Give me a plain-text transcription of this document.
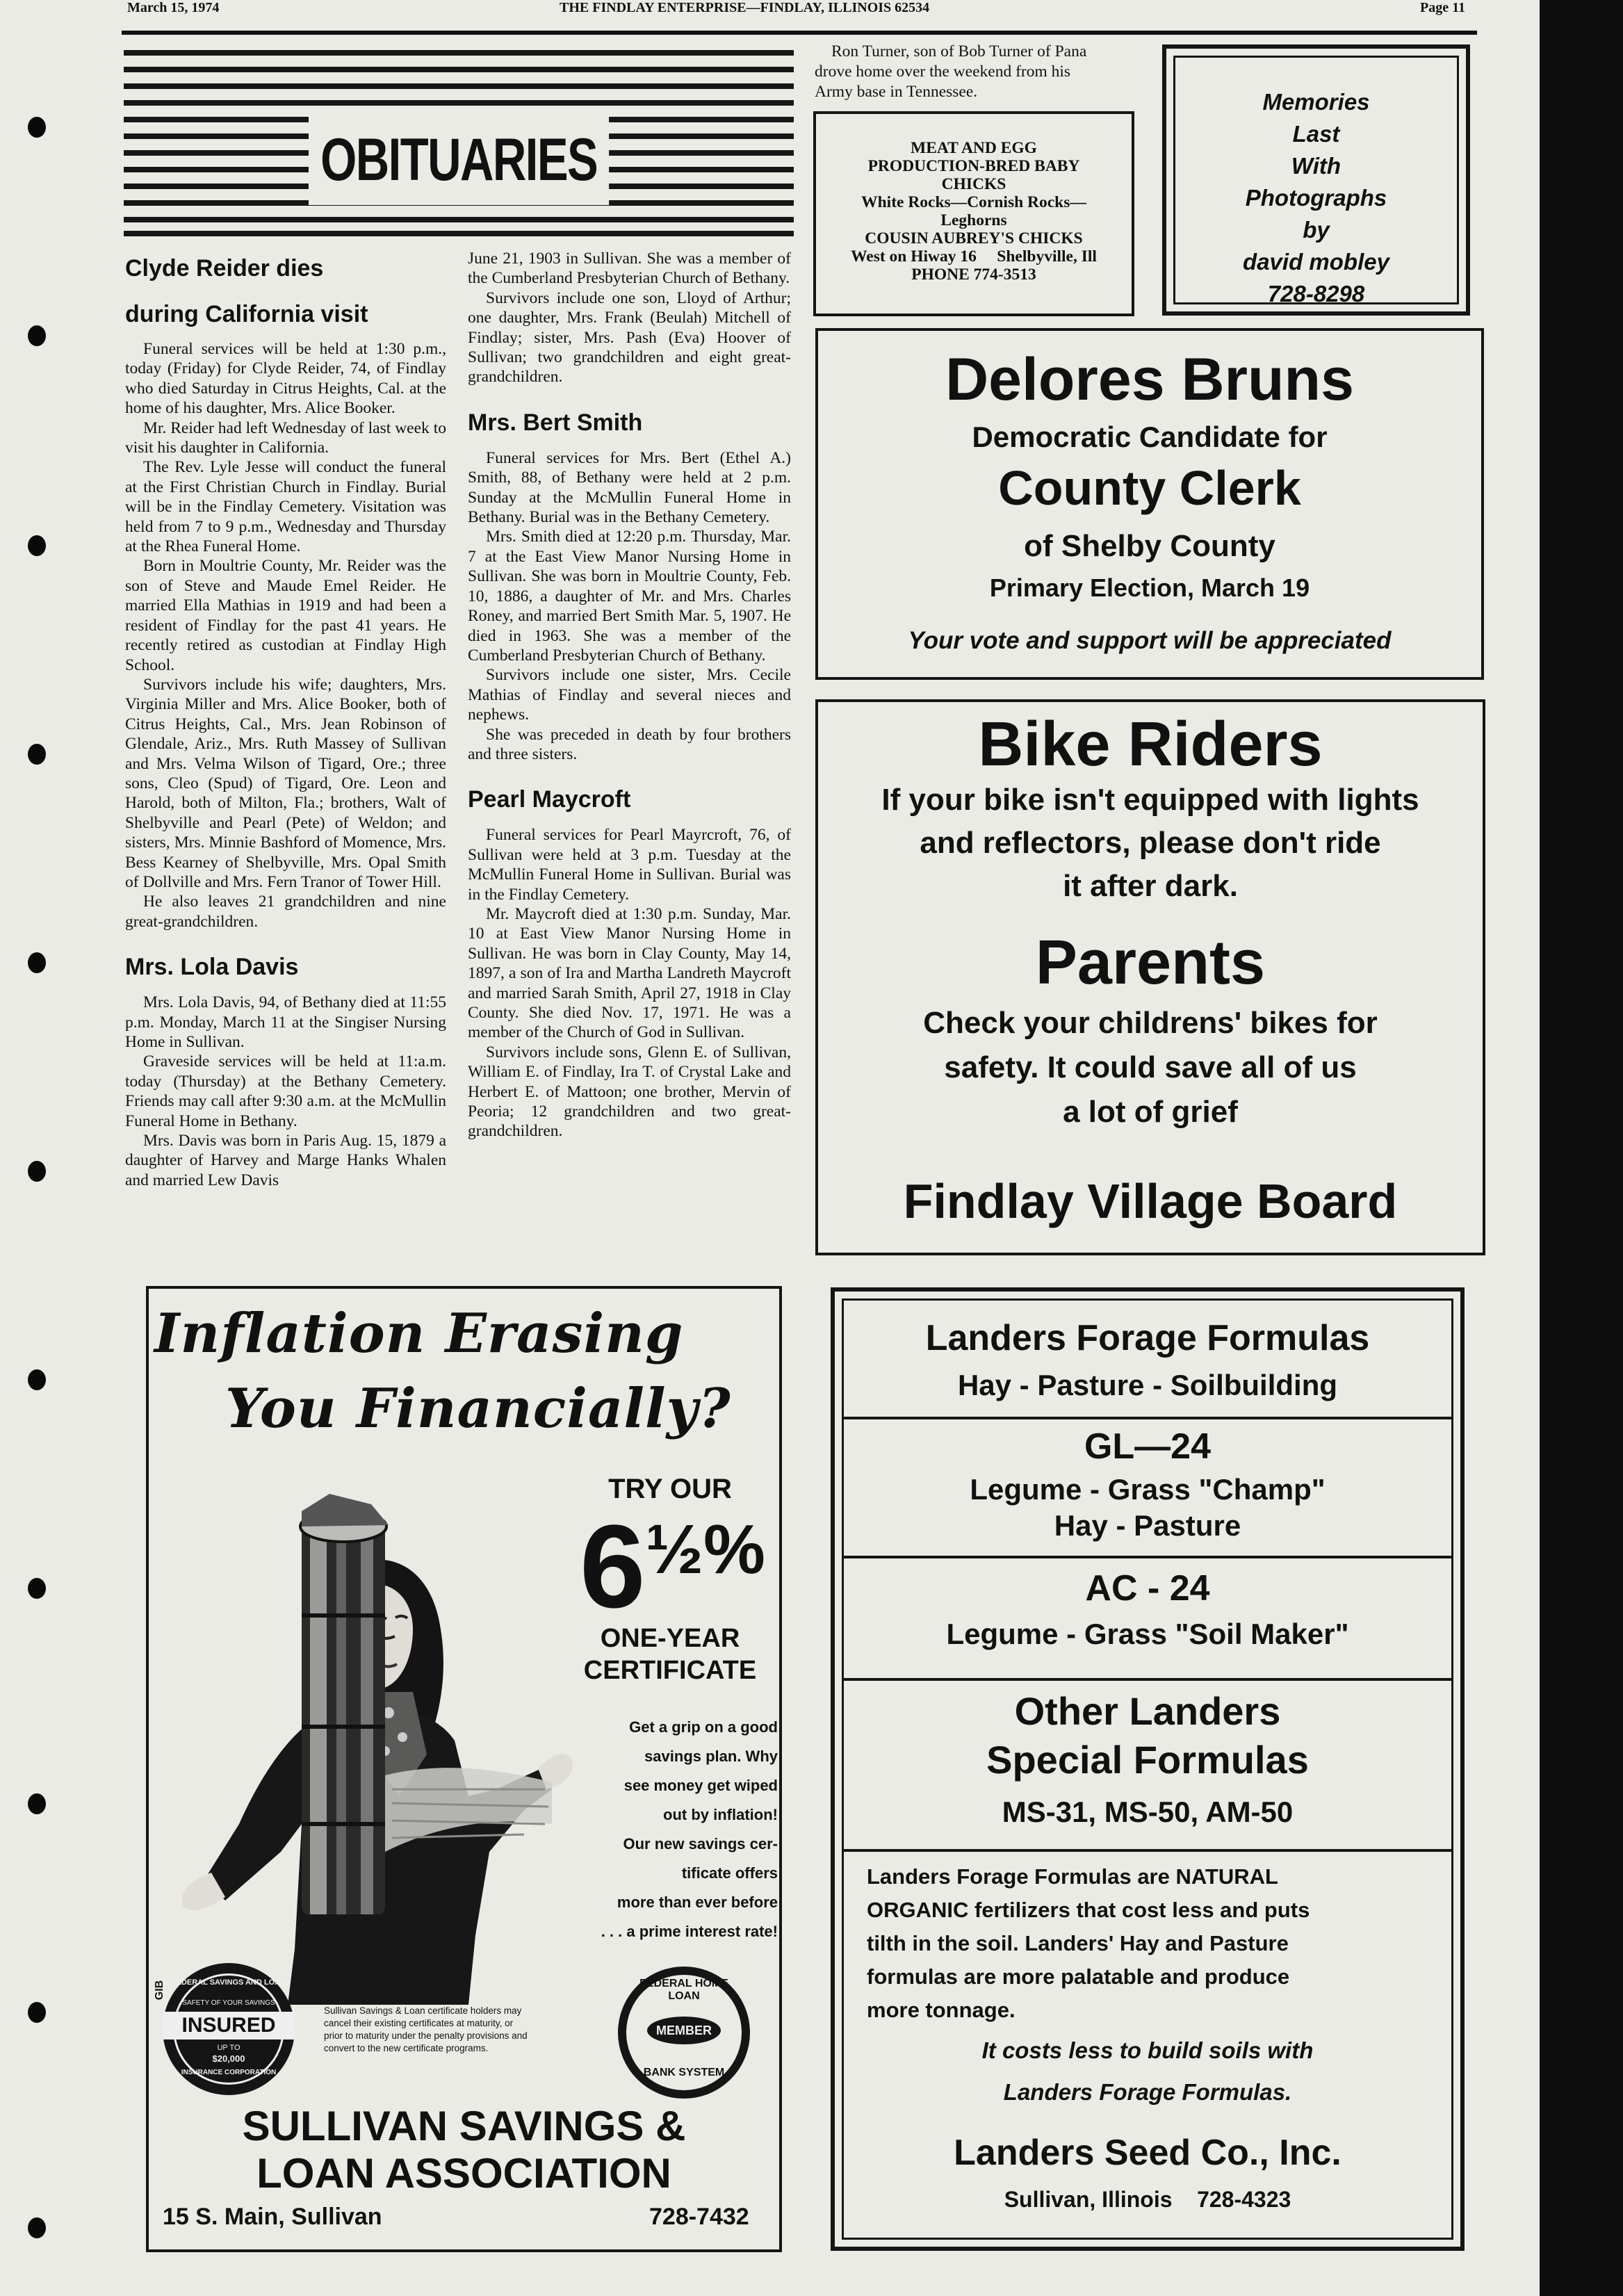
March 15, 1974	THE FINDLAY ENTERPRISE—FINDLAY, ILLINOIS 62534	Page 11
OBITUARIES
Clyde Reider dies
during California visit

Funeral services will be held at 1:30 p.m., today (Friday) for Clyde Reider, 74, of Findlay who died Saturday in Citrus Heights, Cal. at the home of his daughter, Mrs. Alice Booker.

Mr. Reider had left Wednesday of last week to visit his daughter in California.

The Rev. Lyle Jesse will conduct the funeral at the First Christian Church in Findlay. Burial will be in the Findlay Cemetery. Visitation was held from 7 to 9 p.m., Wednesday and Thursday at the Rhea Funeral Home.

Born in Moultrie County, Mr. Reider was the son of Steve and Maude Emel Reider. He married Ella Mathias in 1919 and had been a resident of Findlay for the past 41 years. He recently retired as custodian at Findlay High School.

Survivors include his wife; daughters, Mrs. Virginia Miller and Mrs. Alice Booker, both of Citrus Heights, Cal., Mrs. Jean Robinson of Glendale, Ariz., Mrs. Ruth Massey of Sullivan and Mrs. Velma Wilson of Tigard, Ore.; three sons, Cleo (Spud) of Tigard, Ore. Leon and Harold, both of Milton, Fla.; brothers, Walt of Shelbyville and Pearl (Pete) of Weldon; and sisters, Mrs. Minnie Bashford of Momence, Mrs. Bess Kearney of Shelbyville, Mrs. Opal Smith of Dollville and Mrs. Fern Tranor of Tower Hill.

He also leaves 21 grandchildren and nine great-grandchildren.

Mrs. Lola Davis

Mrs. Lola Davis, 94, of Bethany died at 11:55 p.m. Monday, March 11 at the Singiser Nursing Home in Sullivan.

Graveside services will be held at 11:a.m. today (Thursday) at the Bethany Cemetery. Friends may call after 9:30 a.m. at the McMullin Funeral Home in Bethany.

Mrs. Davis was born in Paris Aug. 15, 1879 a daughter of Harvey and Marge Hanks Whalen and married Lew Davis

June 21, 1903 in Sullivan. She was a member of the Cumberland Presbyterian Church of Bethany.

Survivors include one son, Lloyd of Arthur; one daughter, Mrs. Frank (Beulah) Mitchell of Findlay; sister, Mrs. Pash (Eva) Hoover of Sullivan; two grandchildren and eight great-grandchildren.

Mrs. Bert Smith

Funeral services for Mrs. Bert (Ethel A.) Smith, 88, of Bethany were held at 2 p.m. Sunday at the McMullin Funeral Home in Bethany. Burial was in the Bethany Cemetery.

Mrs. Smith died at 12:20 p.m. Thursday, Mar. 7 at the East View Manor Nursing Home in Sullivan. She was born in Moultrie County, Feb. 10, 1886, a daughter of Mr. and Mrs. Charles Roney, and married Bert Smith Mar. 5, 1907. He died in 1963. She was a member of the Cumberland Presbyterian Church of Bethany.

Survivors include one sister, Mrs. Cecile Mathias of Findlay and several nieces and nephews.

She was preceded in death by four brothers and three sisters.

Pearl Maycroft

Funeral services for Pearl Mayrcroft, 76, of Sullivan were held at 3 p.m. Tuesday at the McMullin Funeral Home in Sullivan. Burial was in the Findlay Cemetery.

Mr. Maycroft died at 1:30 p.m. Sunday, Mar. 10 at East View Manor Nursing Home in Sullivan. He was born in Clay County, May 14, 1897, a son of Ira and Martha Landreth Maycroft and married Sarah Smith, April 27, 1918 in Clay County. She died Nov. 17, 1971. He was a member of the Church of God in Sullivan.

Survivors include sons, Glenn E. of Sullivan, William E. of Findlay, Ira T. of Crystal Lake and Herbert E. of Mattoon; one brother, Mervin of Peoria; 12 grandchildren and two great-grandchildren.

Ron Turner, son of Bob Turner of Pana
drove home over the weekend from his
Army base in Tennessee.
MEAT AND EGG
PRODUCTION-BRED BABY
CHICKS
White Rocks—Cornish Rocks—
Leghorns
COUSIN AUBREY'S CHICKS
West on Hiway 16 Shelbyville, Ill
PHONE 774-3513
Memories
Last
With
Photographs
by
david mobley
728-8298
Delores Bruns
Democratic Candidate for
County Clerk
of Shelby County
Primary Election, March 19
Your vote and support will be appreciated
Bike Riders
If your bike isn't equipped with lights
and reflectors, please don't ride
it after dark.
Parents
Check your childrens' bikes for
safety. It could save all of us
a lot of grief
Findlay Village Board
Inflation Erasing
You Financially?
GIB
TRY OUR
6½%
ONE-YEAR
CERTIFICATE
Get a grip on a good
savings plan. Why
see money get wiped
out by inflation!
Our new savings cer-
tificate offers
more than ever before
. . . a prime interest rate!
FEDERAL SAVINGS AND LOAN
SAFETY OF YOUR SAVINGS
INSURED
UP TO
$20,000
INSURANCE CORPORATION
Sullivan Savings & Loan certificate holders may
cancel their existing certificates at maturity, or
prior to maturity under the penalty provisions and
convert to the new certificate programs.
FEDERAL HOME LOAN
MEMBER
BANK SYSTEM
SULLIVAN SAVINGS &
LOAN ASSOCIATION
15 S. Main, Sullivan	728-7432
Landers Forage Formulas
Hay - Pasture - Soilbuilding
GL—24
Legume - Grass "Champ"
Hay - Pasture
AC - 24
Legume - Grass "Soil Maker"
Other Landers
Special Formulas
MS-31, MS-50, AM-50
Landers Forage Formulas are NATURAL
ORGANIC fertilizers that cost less and puts
tilth in the soil. Landers' Hay and Pasture
formulas are more palatable and produce
more tonnage.
It costs less to build soils with
Landers Forage Formulas.
Landers Seed Co., Inc.
Sullivan, Illinois 728-4323
